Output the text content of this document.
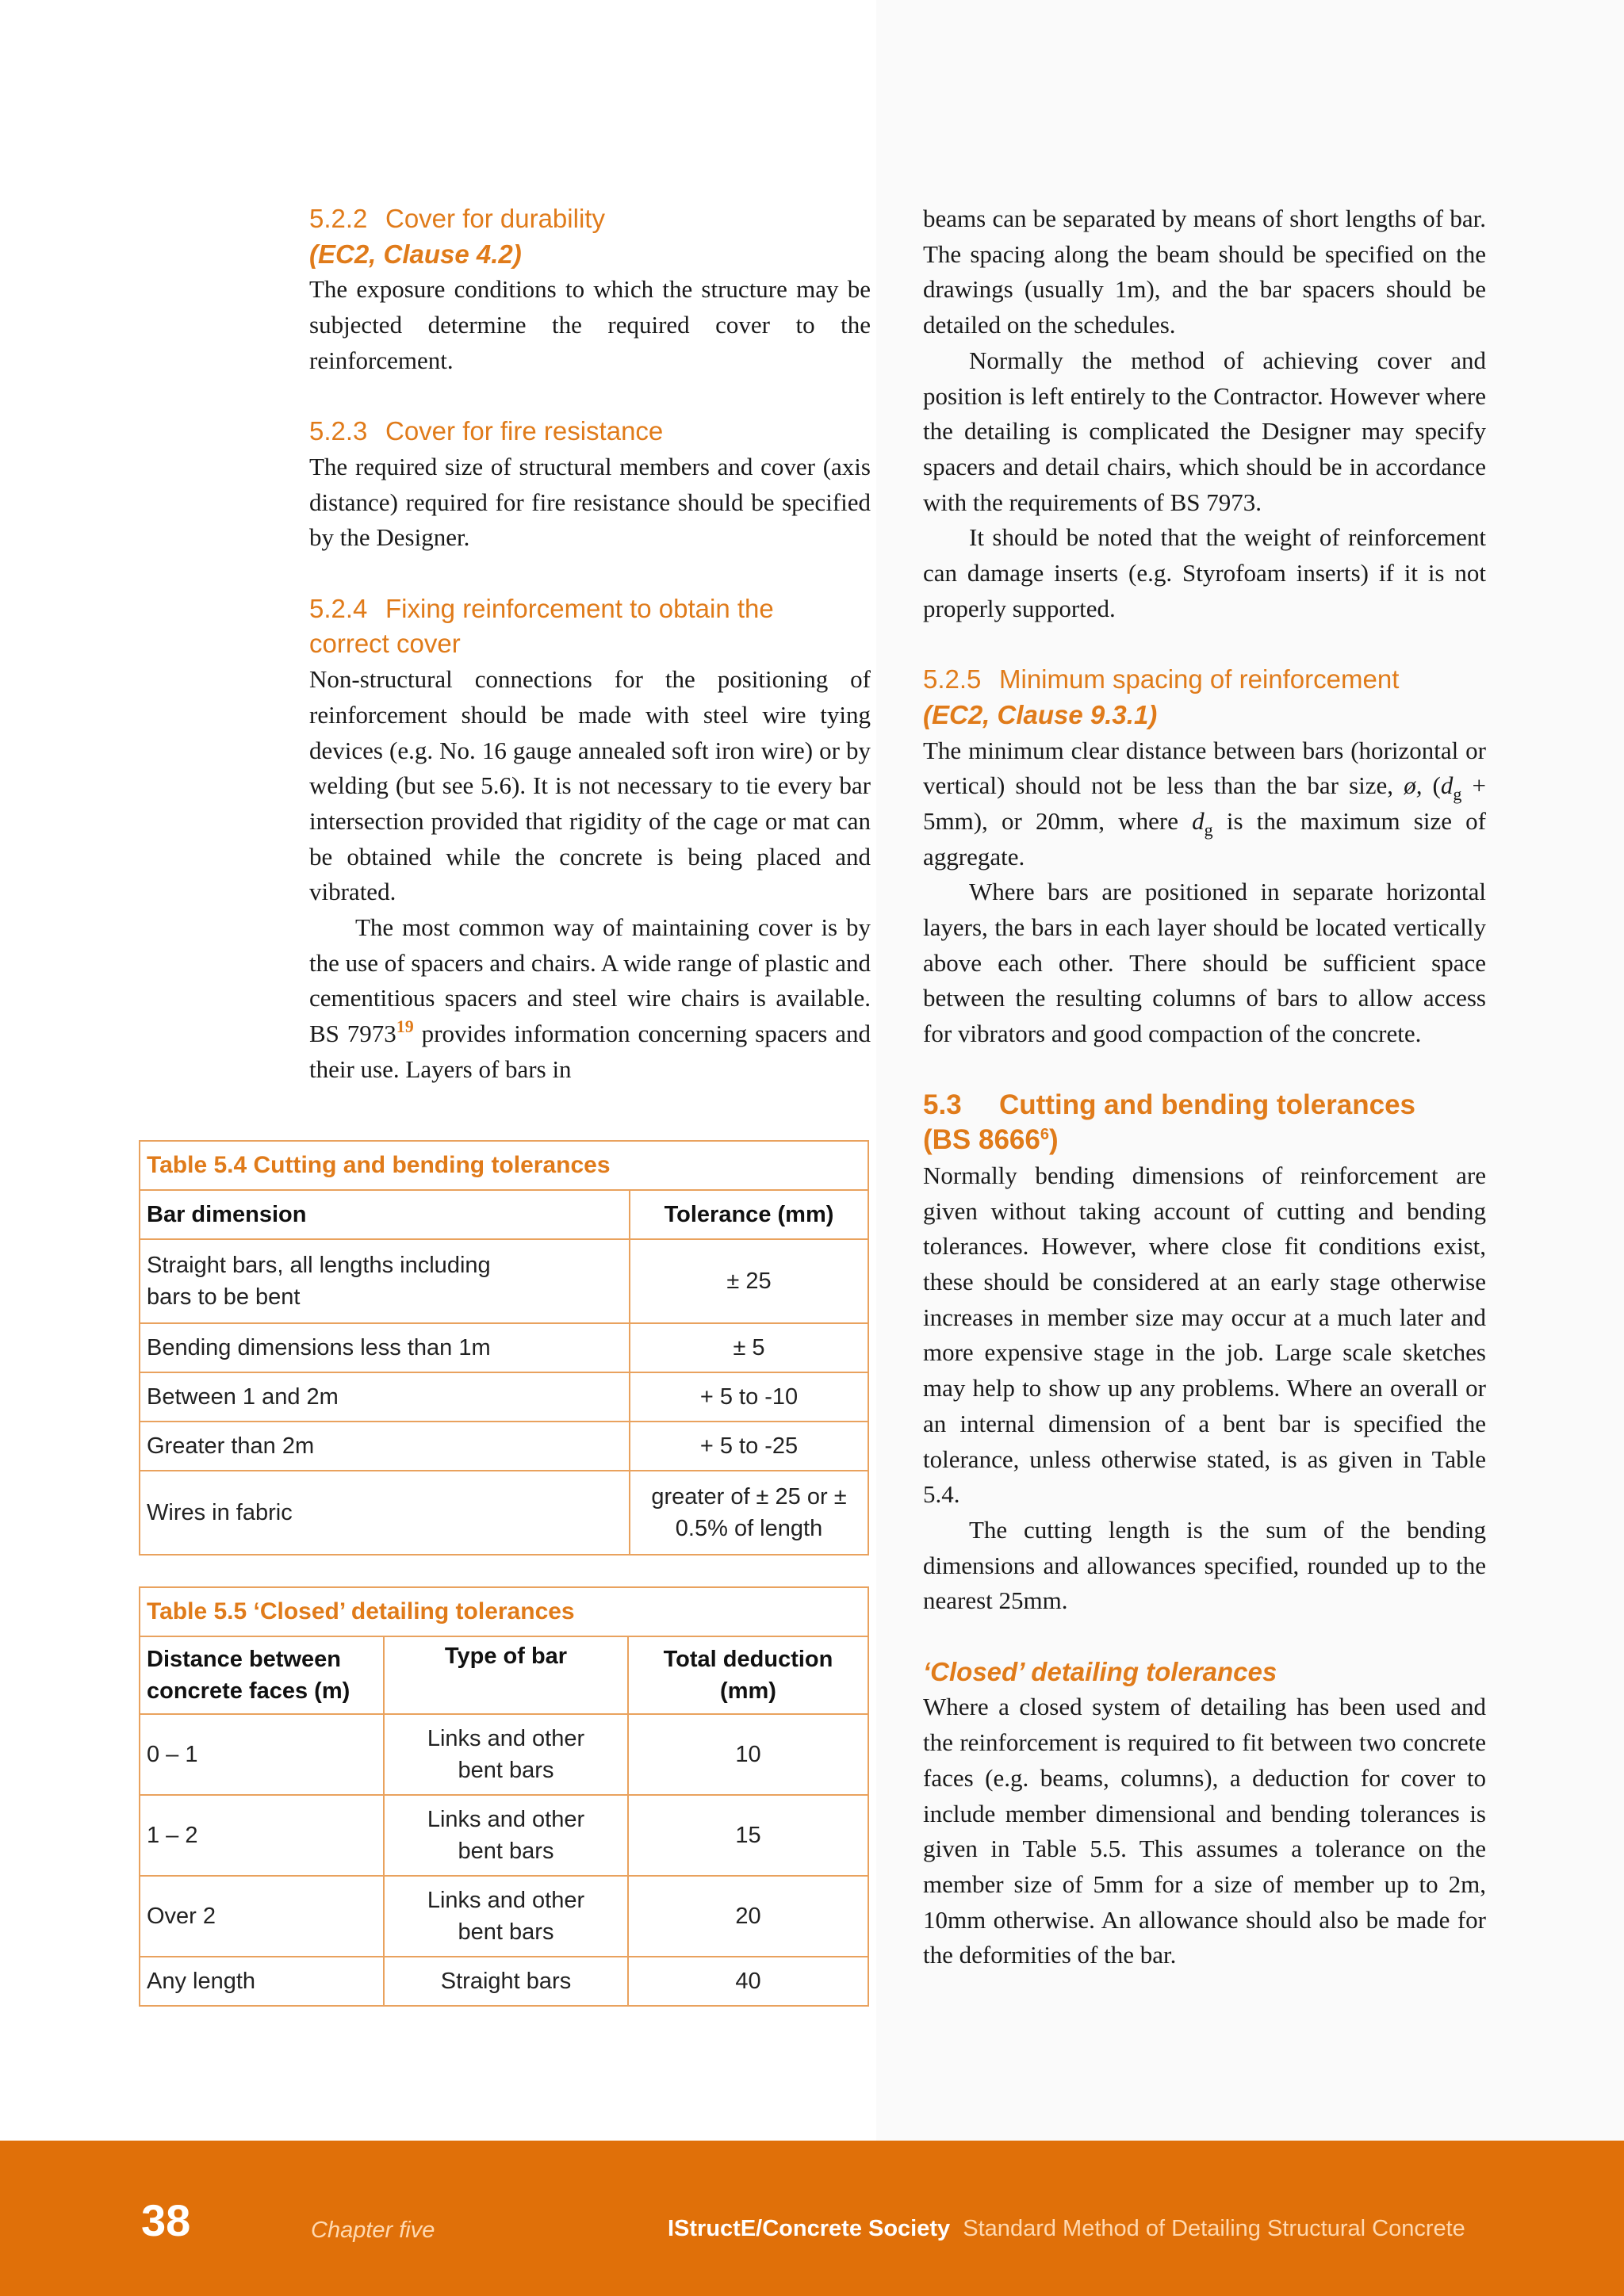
5.2.2 Cover for durability
(EC2, Clause 4.2)

The exposure conditions to which the structure may be subjected determine the required cover to the reinforcement.

5.2.3 Cover for fire resistance

The required size of structural members and cover (axis distance) required for fire resistance should be specified by the Designer.

5.2.4 Fixing reinforcement to obtain the correct cover

Non-structural connections for the positioning of reinforcement should be made with steel wire tying devices (e.g. No. 16 gauge annealed soft iron wire) or by welding (but see 5.6). It is not necessary to tie every bar intersection provided that rigidity of the cage or mat can be obtained while the concrete is being placed and vibrated.

The most common way of maintaining cover is by the use of spacers and chairs. A wide range of plastic and cementitious spacers and steel wire chairs is available. BS 7973$^{19}$ provides information concerning spacers and their use. Layers of bars in

Table 5.4 Cutting and bending tolerances	
Bar dimension	Tolerance (mm)
Straight bars, all lengths including bars to be bent	± 25
Bending dimensions less than 1m	± 5
Between 1 and 2m	+ 5 to -10
Greater than 2m	+ 5 to -25
Wires in fabric	greater of ± 25 or ± 0.5% of length
Table 5.5 ‘Closed’ detailing tolerances		
Distance between concrete faces (m)	Type of bar	Total deduction (mm)
0 – 1	Links and other bent bars	10
1 – 2	Links and other bent bars	15
Over 2	Links and other bent bars	20
Any length	Straight bars	40

beams can be separated by means of short lengths of bar. The spacing along the beam should be specified on the drawings (usually 1m), and the bar spacers should be detailed on the schedules.

Normally the method of achieving cover and position is left entirely to the Contractor. However where the detailing is complicated the Designer may specify spacers and detail chairs, which should be in accordance with the requirements of BS 7973.

It should be noted that the weight of reinforcement can damage inserts (e.g. Styrofoam inserts) if it is not properly supported.

5.2.5 Minimum spacing of reinforcement
(EC2, Clause 9.3.1)

The minimum clear distance between bars (horizontal or vertical) should not be less than the bar size, ø, $(d_g + 5mm)$, or 20mm, where $d_g$ is the maximum size of aggregate.

Where bars are positioned in separate horizontal layers, the bars in each layer should be located vertically above each other. There should be sufficient space between the resulting columns of bars to allow access for vibrators and good compaction of the concrete.

5.3 Cutting and bending tolerances
(BS 8666$^6$)

Normally bending dimensions of reinforcement are given without taking account of cutting and bending tolerances. However, where close fit conditions exist, these should be considered at an early stage otherwise increases in member size may occur at a much later and more expensive stage in the job. Large scale sketches may help to show up any problems. Where an overall or an internal dimension of a bent bar is specified the tolerance, unless otherwise stated, is as given in Table 5.4.

The cutting length is the sum of the bending dimensions and allowances specified, rounded up to the nearest 25mm.

‘Closed’ detailing tolerances

Where a closed system of detailing has been used and the reinforcement is required to fit between two concrete faces (e.g. beams, columns), a deduction for cover to include member dimensional and bending tolerances is given in Table 5.5. This assumes a tolerance on the member size of 5mm for a size of member up to 2m, 10mm otherwise. An allowance should also be made for the deformities of the bar.

38	Chapter five	IStructE/Concrete Society Standard Method of Detailing Structural Concrete
